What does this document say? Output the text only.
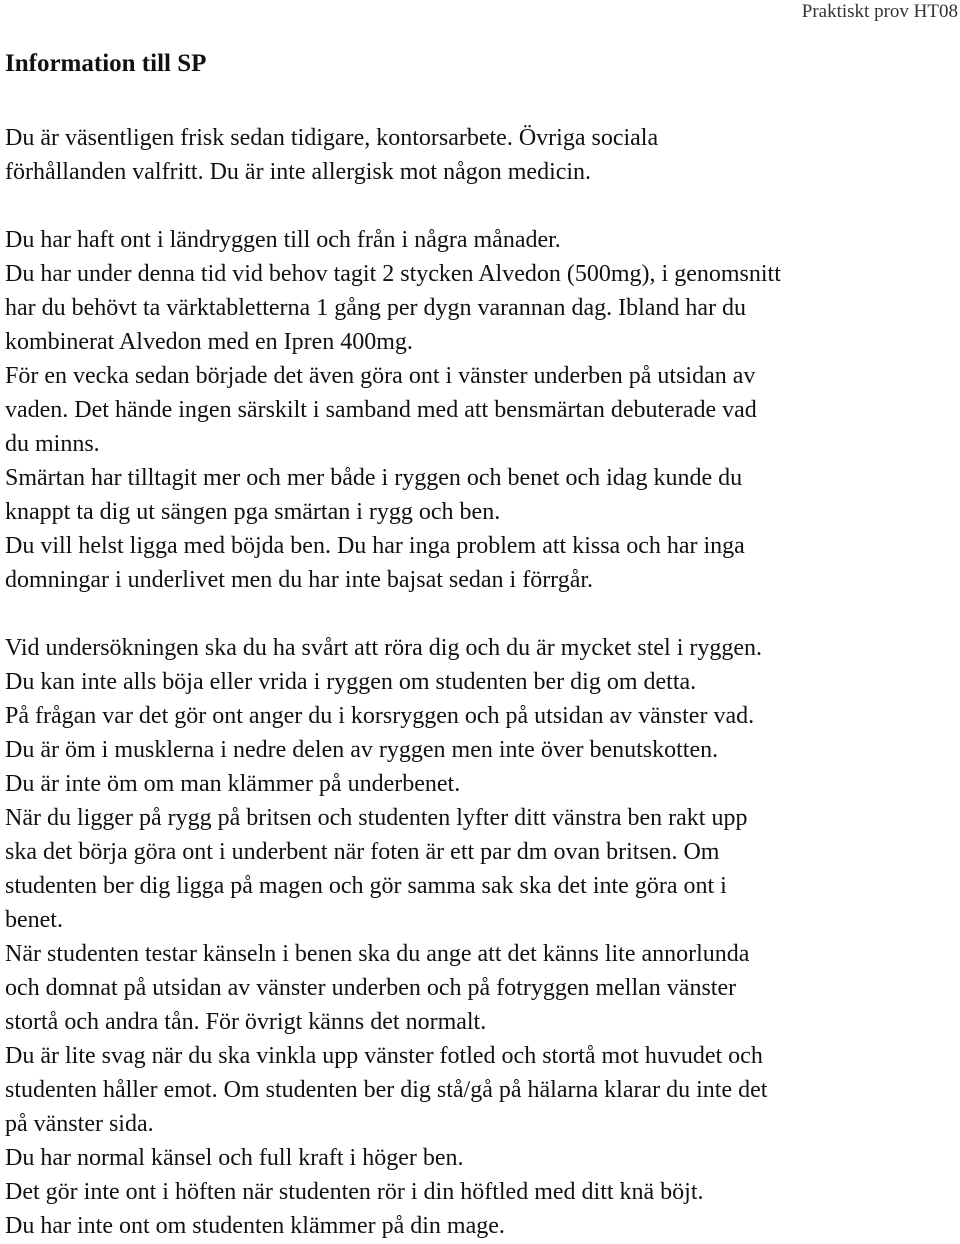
Praktiskt prov HT08
Information till SP
Du är väsentligen frisk sedan tidigare, kontorsarbete. Övriga sociala
förhållanden valfritt. Du är inte allergisk mot någon medicin.
Du har haft ont i ländryggen till och från i några månader.
Du har under denna tid vid behov tagit 2 stycken Alvedon (500mg), i genomsnitt
har du behövt ta värktabletterna 1 gång per dygn varannan dag. Ibland har du
kombinerat Alvedon med en Ipren 400mg.
För en vecka sedan började det även göra ont i vänster underben på utsidan av
vaden. Det hände ingen särskilt i samband med att bensmärtan debuterade vad
du minns.
Smärtan har tilltagit mer och mer både i ryggen och benet och idag kunde du
knappt ta dig ut sängen pga smärtan i rygg och ben.
Du vill helst ligga med böjda ben. Du har inga problem att kissa och har inga
domningar i underlivet men du har inte bajsat sedan i förrgår.
Vid undersökningen ska du ha svårt att röra dig och du är mycket stel i ryggen.
Du kan inte alls böja eller vrida i ryggen om studenten ber dig om detta.
På frågan var det gör ont anger du i korsryggen och på utsidan av vänster vad.
Du är öm i musklerna i nedre delen av ryggen men inte över benutskotten.
Du är inte öm om man klämmer på underbenet.
När du ligger på rygg på britsen och studenten lyfter ditt vänstra ben rakt upp
ska det börja göra ont i underbent när foten är ett par dm ovan britsen. Om
studenten ber dig ligga på magen och gör samma sak ska det inte göra ont i
benet.
När studenten testar känseln i benen ska du ange att det känns lite annorlunda
och domnat på utsidan av vänster underben och på fotryggen mellan vänster
stortå och andra tån. För övrigt känns det normalt.
Du är lite svag när du ska vinkla upp vänster fotled och stortå mot huvudet och
studenten håller emot. Om studenten ber dig stå/gå på hälarna klarar du inte det
på vänster sida.
Du har normal känsel och full kraft i höger ben.
Det gör inte ont i höften när studenten rör i din höftled med ditt knä böjt.
Du har inte ont om studenten klämmer på din mage.
